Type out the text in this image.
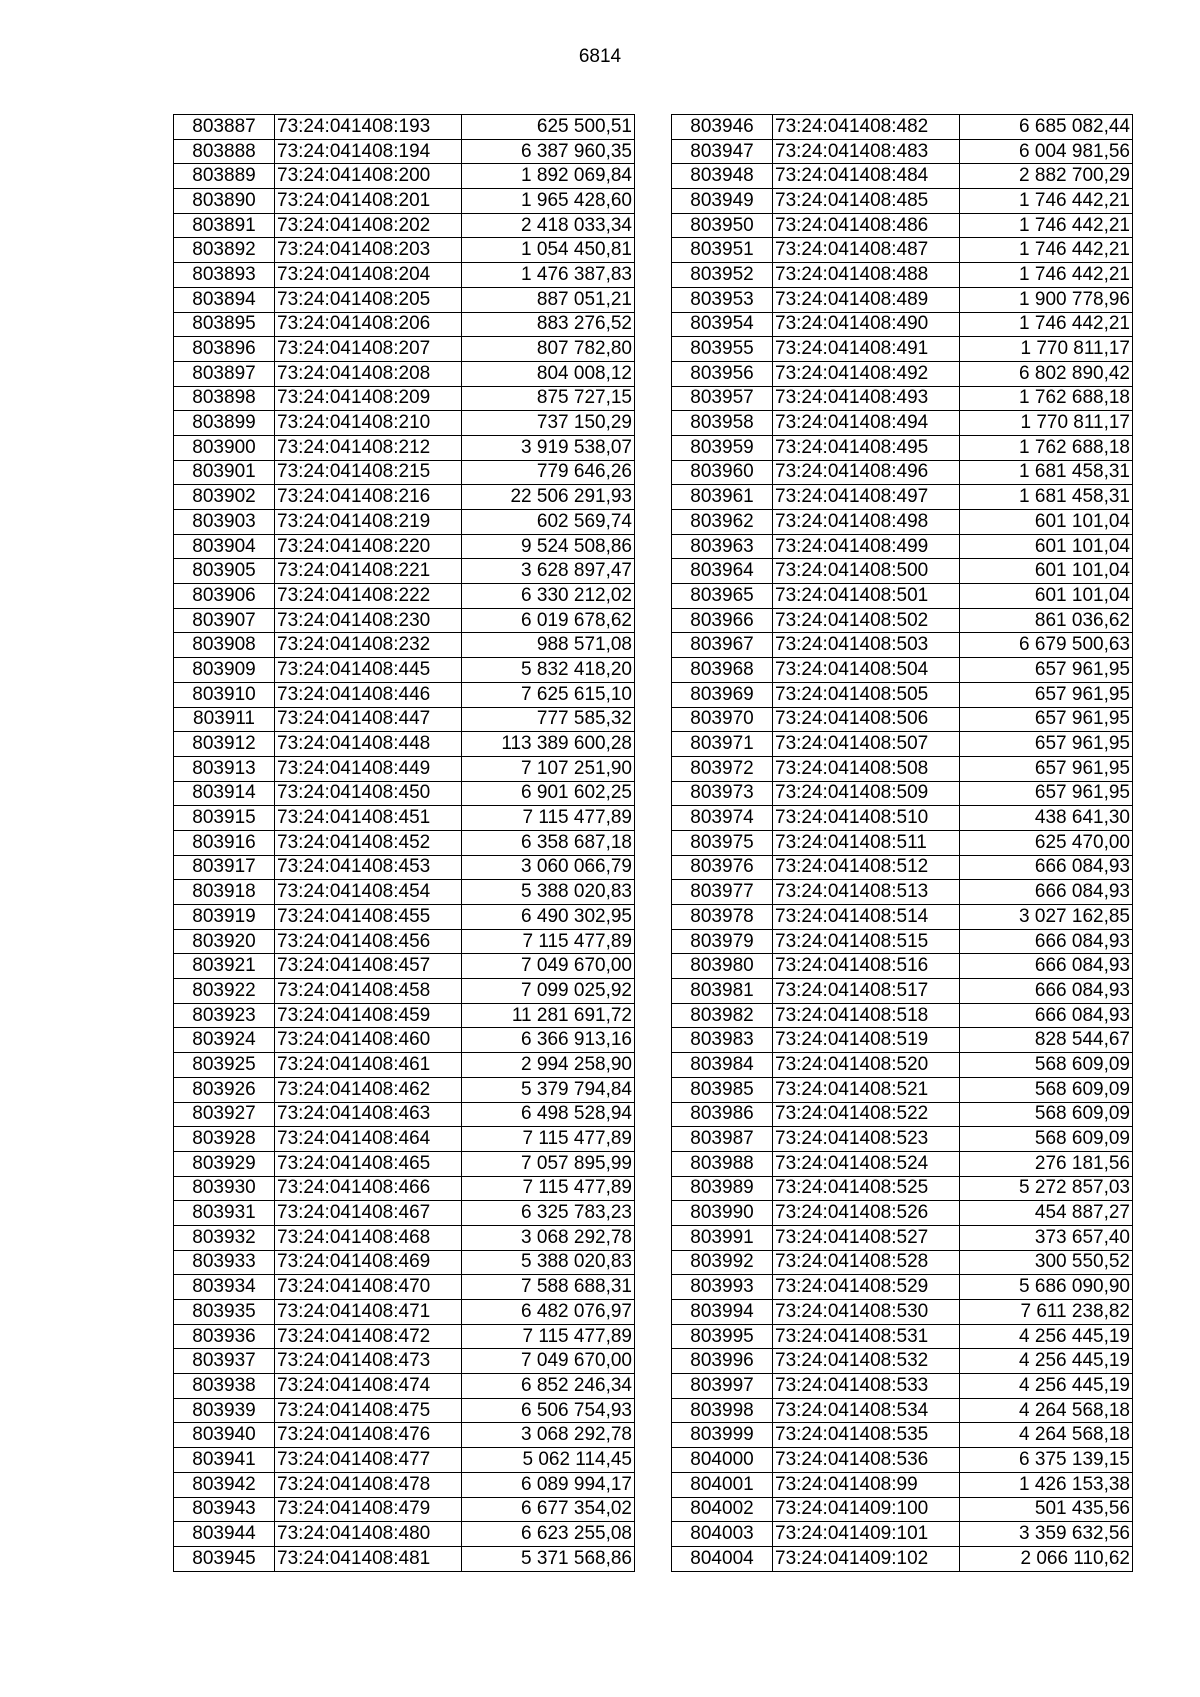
6814
803887	73:24:041408:193	625 500,51
803888	73:24:041408:194	6 387 960,35
803889	73:24:041408:200	1 892 069,84
803890	73:24:041408:201	1 965 428,60
803891	73:24:041408:202	2 418 033,34
803892	73:24:041408:203	1 054 450,81
803893	73:24:041408:204	1 476 387,83
803894	73:24:041408:205	887 051,21
803895	73:24:041408:206	883 276,52
803896	73:24:041408:207	807 782,80
803897	73:24:041408:208	804 008,12
803898	73:24:041408:209	875 727,15
803899	73:24:041408:210	737 150,29
803900	73:24:041408:212	3 919 538,07
803901	73:24:041408:215	779 646,26
803902	73:24:041408:216	22 506 291,93
803903	73:24:041408:219	602 569,74
803904	73:24:041408:220	9 524 508,86
803905	73:24:041408:221	3 628 897,47
803906	73:24:041408:222	6 330 212,02
803907	73:24:041408:230	6 019 678,62
803908	73:24:041408:232	988 571,08
803909	73:24:041408:445	5 832 418,20
803910	73:24:041408:446	7 625 615,10
803911	73:24:041408:447	777 585,32
803912	73:24:041408:448	113 389 600,28
803913	73:24:041408:449	7 107 251,90
803914	73:24:041408:450	6 901 602,25
803915	73:24:041408:451	7 115 477,89
803916	73:24:041408:452	6 358 687,18
803917	73:24:041408:453	3 060 066,79
803918	73:24:041408:454	5 388 020,83
803919	73:24:041408:455	6 490 302,95
803920	73:24:041408:456	7 115 477,89
803921	73:24:041408:457	7 049 670,00
803922	73:24:041408:458	7 099 025,92
803923	73:24:041408:459	11 281 691,72
803924	73:24:041408:460	6 366 913,16
803925	73:24:041408:461	2 994 258,90
803926	73:24:041408:462	5 379 794,84
803927	73:24:041408:463	6 498 528,94
803928	73:24:041408:464	7 115 477,89
803929	73:24:041408:465	7 057 895,99
803930	73:24:041408:466	7 115 477,89
803931	73:24:041408:467	6 325 783,23
803932	73:24:041408:468	3 068 292,78
803933	73:24:041408:469	5 388 020,83
803934	73:24:041408:470	7 588 688,31
803935	73:24:041408:471	6 482 076,97
803936	73:24:041408:472	7 115 477,89
803937	73:24:041408:473	7 049 670,00
803938	73:24:041408:474	6 852 246,34
803939	73:24:041408:475	6 506 754,93
803940	73:24:041408:476	3 068 292,78
803941	73:24:041408:477	5 062 114,45
803942	73:24:041408:478	6 089 994,17
803943	73:24:041408:479	6 677 354,02
803944	73:24:041408:480	6 623 255,08
803945	73:24:041408:481	5 371 568,86
803946	73:24:041408:482	6 685 082,44
803947	73:24:041408:483	6 004 981,56
803948	73:24:041408:484	2 882 700,29
803949	73:24:041408:485	1 746 442,21
803950	73:24:041408:486	1 746 442,21
803951	73:24:041408:487	1 746 442,21
803952	73:24:041408:488	1 746 442,21
803953	73:24:041408:489	1 900 778,96
803954	73:24:041408:490	1 746 442,21
803955	73:24:041408:491	1 770 811,17
803956	73:24:041408:492	6 802 890,42
803957	73:24:041408:493	1 762 688,18
803958	73:24:041408:494	1 770 811,17
803959	73:24:041408:495	1 762 688,18
803960	73:24:041408:496	1 681 458,31
803961	73:24:041408:497	1 681 458,31
803962	73:24:041408:498	601 101,04
803963	73:24:041408:499	601 101,04
803964	73:24:041408:500	601 101,04
803965	73:24:041408:501	601 101,04
803966	73:24:041408:502	861 036,62
803967	73:24:041408:503	6 679 500,63
803968	73:24:041408:504	657 961,95
803969	73:24:041408:505	657 961,95
803970	73:24:041408:506	657 961,95
803971	73:24:041408:507	657 961,95
803972	73:24:041408:508	657 961,95
803973	73:24:041408:509	657 961,95
803974	73:24:041408:510	438 641,30
803975	73:24:041408:511	625 470,00
803976	73:24:041408:512	666 084,93
803977	73:24:041408:513	666 084,93
803978	73:24:041408:514	3 027 162,85
803979	73:24:041408:515	666 084,93
803980	73:24:041408:516	666 084,93
803981	73:24:041408:517	666 084,93
803982	73:24:041408:518	666 084,93
803983	73:24:041408:519	828 544,67
803984	73:24:041408:520	568 609,09
803985	73:24:041408:521	568 609,09
803986	73:24:041408:522	568 609,09
803987	73:24:041408:523	568 609,09
803988	73:24:041408:524	276 181,56
803989	73:24:041408:525	5 272 857,03
803990	73:24:041408:526	454 887,27
803991	73:24:041408:527	373 657,40
803992	73:24:041408:528	300 550,52
803993	73:24:041408:529	5 686 090,90
803994	73:24:041408:530	7 611 238,82
803995	73:24:041408:531	4 256 445,19
803996	73:24:041408:532	4 256 445,19
803997	73:24:041408:533	4 256 445,19
803998	73:24:041408:534	4 264 568,18
803999	73:24:041408:535	4 264 568,18
804000	73:24:041408:536	6 375 139,15
804001	73:24:041408:99	1 426 153,38
804002	73:24:041409:100	501 435,56
804003	73:24:041409:101	3 359 632,56
804004	73:24:041409:102	2 066 110,62
